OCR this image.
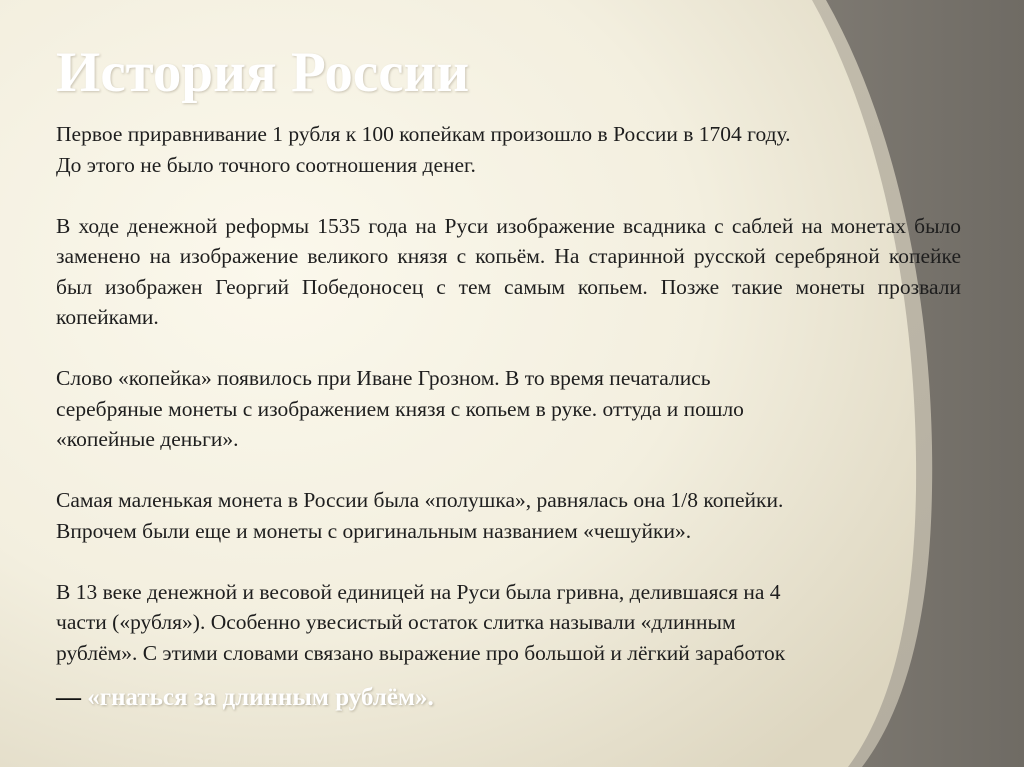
История России

Первое приравнивание 1 рубля к 100 копейкам произошло в России в 1704 году.

До этого не было точного соотношения денег.

В ходе денежной реформы 1535 года на Руси изображение всадника с саблей на монетах было заменено на изображение великого князя с копьём. На старинной русской серебряной копейке был изображен Георгий Победоносец с тем самым копьем. Позже такие монеты прозвали копейками.

Слово «копейка» появилось при Иване Грозном. В то время печатались

серебряные монеты с изображением князя с копьем в руке. оттуда и пошло

«копейные деньги».

Самая маленькая монета в России была «полушка», равнялась она 1/8 копейки.

Впрочем были еще и монеты с оригинальным названием «чешуйки».

В 13 веке денежной и весовой единицей на Руси была гривна, делившаяся на 4

части («рубля»). Особенно увесистый остаток слитка называли «длинным

рублём». С этими словами связано выражение про большой и лёгкий заработок

— «гнаться за длинным рублём».
